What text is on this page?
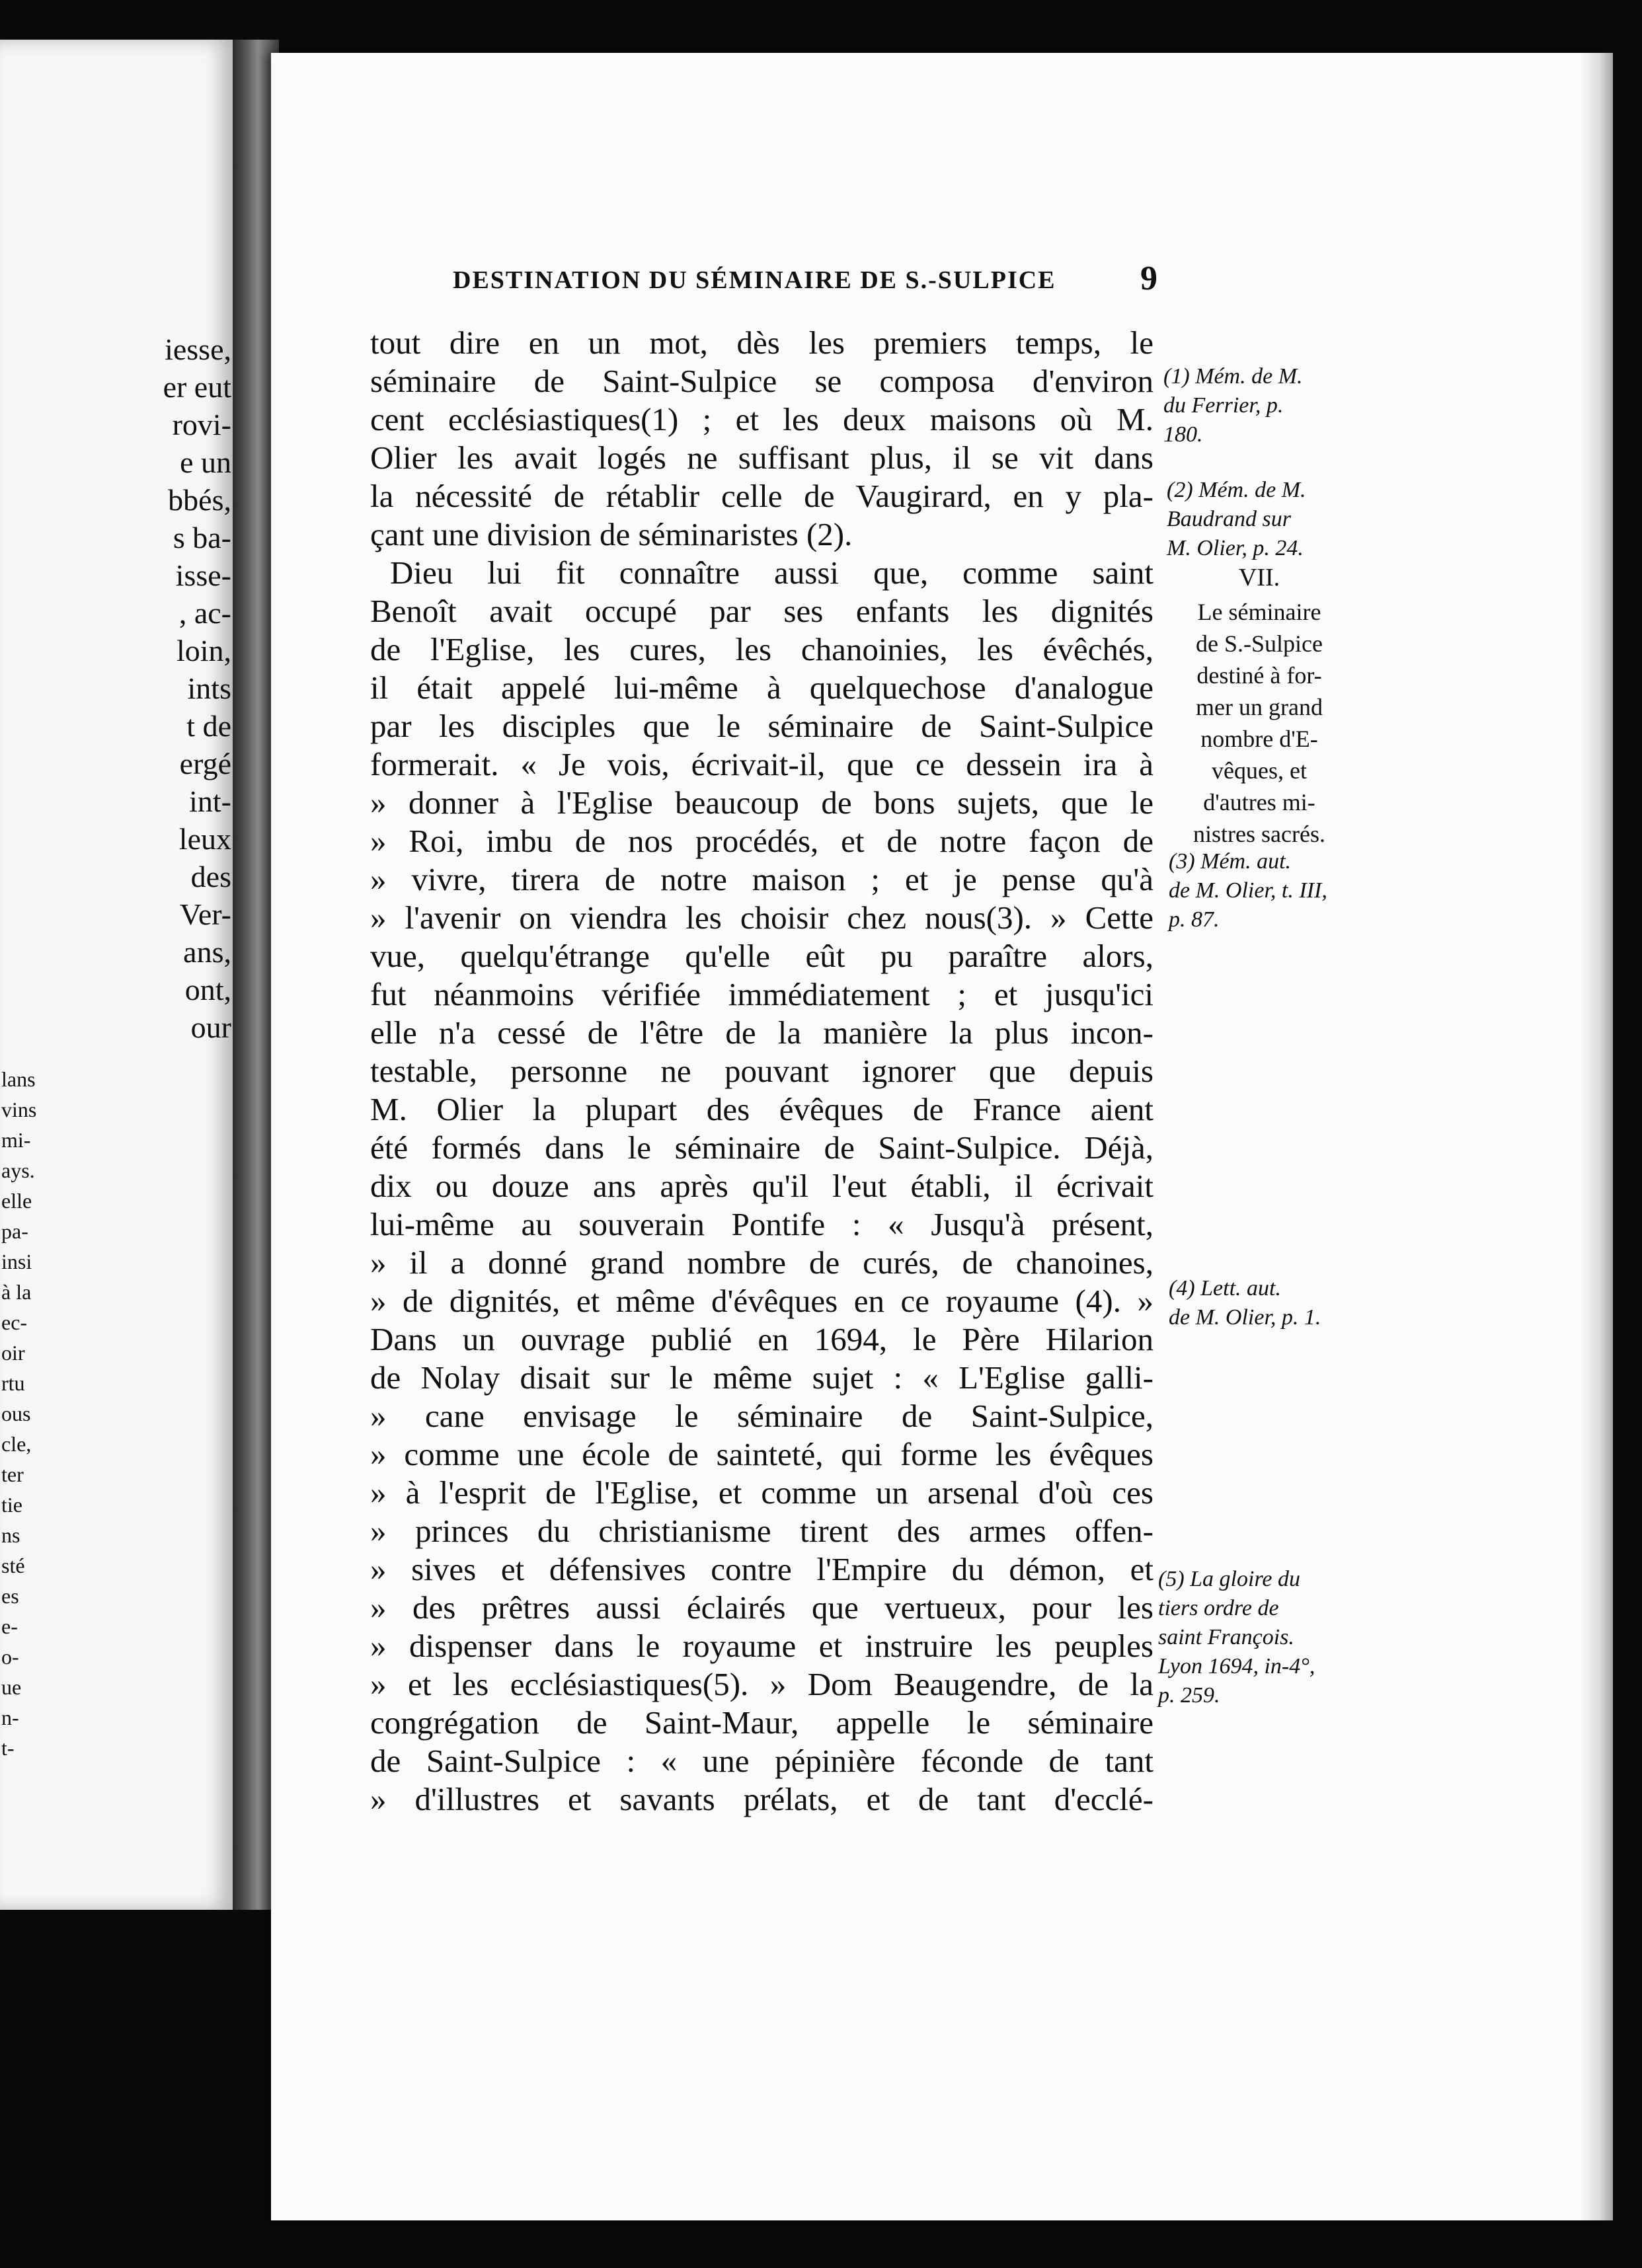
iesse,
er eut
rovi-
e un
bbés,
s ba-
isse-
, ac-
loin,
ints
t de
ergé
int-
leux
des
Ver-
ans,
ont,
our
lans
vins
mi-
ays.
elle
pa-
insi
à la
ec-
oir
rtu
ous
cle,
ter
tie
ns
sté
es
e-
o-
ue
n-
t-
DESTINATION DU SÉMINAIRE DE S.-SULPICE 9
tout dire en un mot, dès les premiers temps, le
séminaire de Saint-Sulpice se composa d'environ
cent ecclésiastiques(1) ; et les deux maisons où M.
Olier les avait logés ne suffisant plus, il se vit dans
la nécessité de rétablir celle de Vaugirard, en y pla-
çant une division de séminaristes (2).
Dieu lui fit connaître aussi que, comme saint
Benoît avait occupé par ses enfants les dignités
de l'Eglise, les cures, les chanoinies, les évêchés,
il était appelé lui-même à quelquechose d'analogue
par les disciples que le séminaire de Saint-Sulpice
formerait. « Je vois, écrivait-il, que ce dessein ira à
» donner à l'Eglise beaucoup de bons sujets, que le
» Roi, imbu de nos procédés, et de notre façon de
» vivre, tirera de notre maison ; et je pense qu'à
» l'avenir on viendra les choisir chez nous(3). » Cette
vue, quelqu'étrange qu'elle eût pu paraître alors,
fut néanmoins vérifiée immédiatement ; et jusqu'ici
elle n'a cessé de l'être de la manière la plus incon-
testable, personne ne pouvant ignorer que depuis
M. Olier la plupart des évêques de France aient
été formés dans le séminaire de Saint-Sulpice. Déjà,
dix ou douze ans après qu'il l'eut établi, il écrivait
lui-même au souverain Pontife : « Jusqu'à présent,
» il a donné grand nombre de curés, de chanoines,
» de dignités, et même d'évêques en ce royaume (4). »
Dans un ouvrage publié en 1694, le Père Hilarion
de Nolay disait sur le même sujet : « L'Eglise galli-
» cane envisage le séminaire de Saint-Sulpice,
» comme une école de sainteté, qui forme les évêques
» à l'esprit de l'Eglise, et comme un arsenal d'où ces
» princes du christianisme tirent des armes offen-
» sives et défensives contre l'Empire du démon, et
» des prêtres aussi éclairés que vertueux, pour les
» dispenser dans le royaume et instruire les peuples
» et les ecclésiastiques(5). » Dom Beaugendre, de la
congrégation de Saint-Maur, appelle le séminaire
de Saint-Sulpice : « une pépinière féconde de tant
» d'illustres et savants prélats, et de tant d'ecclé-
(1) Mém. de M.
du Ferrier, p.
180.
(2) Mém. de M.
Baudrand sur
M. Olier, p. 24.
VII.
Le séminaire
de S.-Sulpice
destiné à for-
mer un grand
nombre d'E-
vêques, et
d'autres mi-
nistres sacrés.
(3) Mém. aut.
de M. Olier, t. III,
p. 87.
(4) Lett. aut.
de M. Olier, p. 1.
(5) La gloire du
tiers ordre de
saint François.
Lyon 1694, in-4°,
p. 259.
